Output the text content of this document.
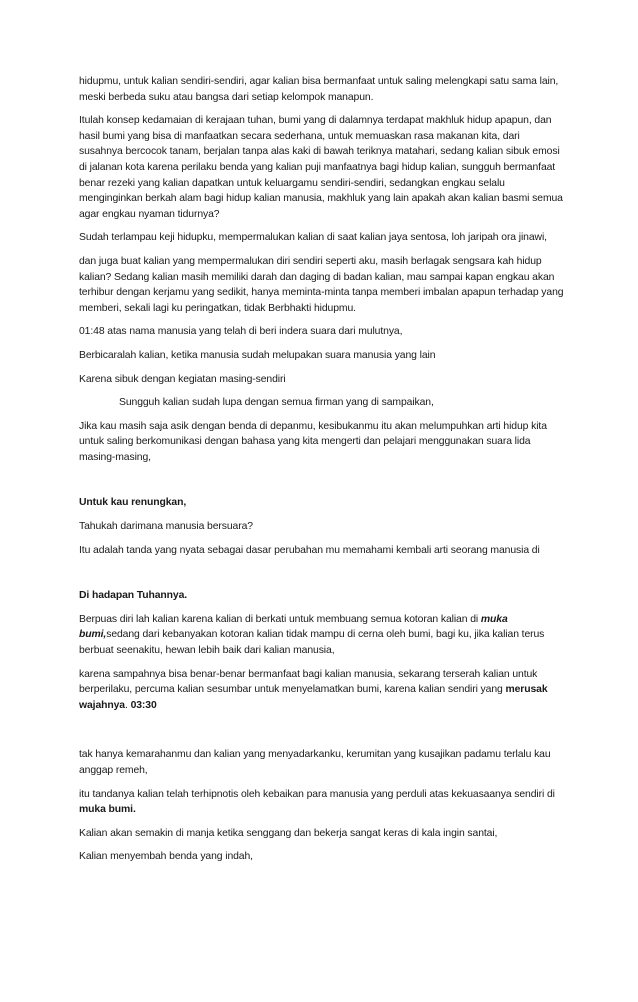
hidupmu, untuk kalian sendiri-sendiri, agar kalian bisa bermanfaat untuk saling melengkapi satu sama lain, meski berbeda suku atau bangsa dari setiap kelompok manapun.

Itulah konsep kedamaian di kerajaan tuhan, bumi yang di dalamnya terdapat makhluk hidup apapun, dan hasil bumi yang bisa di manfaatkan secara sederhana, untuk memuaskan rasa makanan kita, dari susahnya bercocok tanam, berjalan tanpa alas kaki di bawah teriknya matahari, sedang kalian sibuk emosi di jalanan kota karena perilaku benda yang kalian puji manfaatnya bagi hidup kalian, sungguh bermanfaat benar rezeki yang kalian dapatkan untuk keluargamu sendiri-sendiri, sedangkan engkau selalu menginginkan berkah alam bagi hidup kalian manusia, makhluk yang lain apakah akan kalian basmi semua agar engkau nyaman tidurnya?

Sudah terlampau keji hidupku, mempermalukan kalian di saat kalian jaya sentosa, loh jaripah ora jinawi,

dan juga buat kalian yang mempermalukan diri sendiri seperti aku, masih berlagak sengsara kah hidup kalian? Sedang kalian masih memiliki darah dan daging di badan kalian, mau sampai kapan engkau akan terhibur dengan kerjamu yang sedikit, hanya meminta-minta tanpa memberi imbalan apapun terhadap yang memberi, sekali lagi ku peringatkan, tidak Berbhakti hidupmu.

01:48 atas nama manusia yang telah di beri indera suara dari mulutnya,

Berbicaralah kalian, ketika manusia sudah melupakan suara manusia yang lain

Karena sibuk dengan kegiatan masing-sendiri

Sungguh kalian sudah lupa dengan semua firman yang di sampaikan,

Jika kau masih saja asik dengan benda di depanmu, kesibukanmu itu akan melumpuhkan arti hidup kita untuk saling berkomunikasi dengan bahasa yang kita mengerti dan pelajari menggunakan suara lida masing-masing,

Untuk kau renungkan,

Tahukah darimana manusia bersuara?

Itu adalah tanda yang nyata sebagai dasar perubahan mu memahami kembali arti seorang manusia di

Di hadapan Tuhannya.

Berpuas diri lah kalian karena kalian di berkati untuk membuang semua kotoran kalian di muka bumi,sedang dari kebanyakan kotoran kalian tidak mampu di cerna oleh bumi, bagi ku, jika kalian terus berbuat seenakitu, hewan lebih baik dari kalian manusia,

karena sampahnya bisa benar-benar bermanfaat bagi kalian manusia, sekarang terserah kalian untuk berperilaku, percuma kalian sesumbar untuk menyelamatkan bumi, karena kalian sendiri yang merusak wajahnya. 03:30

tak hanya kemarahanmu dan kalian yang menyadarkanku, kerumitan yang kusajikan padamu terlalu kau anggap remeh,

itu tandanya kalian telah terhipnotis oleh kebaikan para manusia yang perduli atas kekuasaanya sendiri di muka bumi.

Kalian akan semakin di manja ketika senggang dan bekerja sangat keras di kala ingin santai,

Kalian menyembah benda yang indah,
